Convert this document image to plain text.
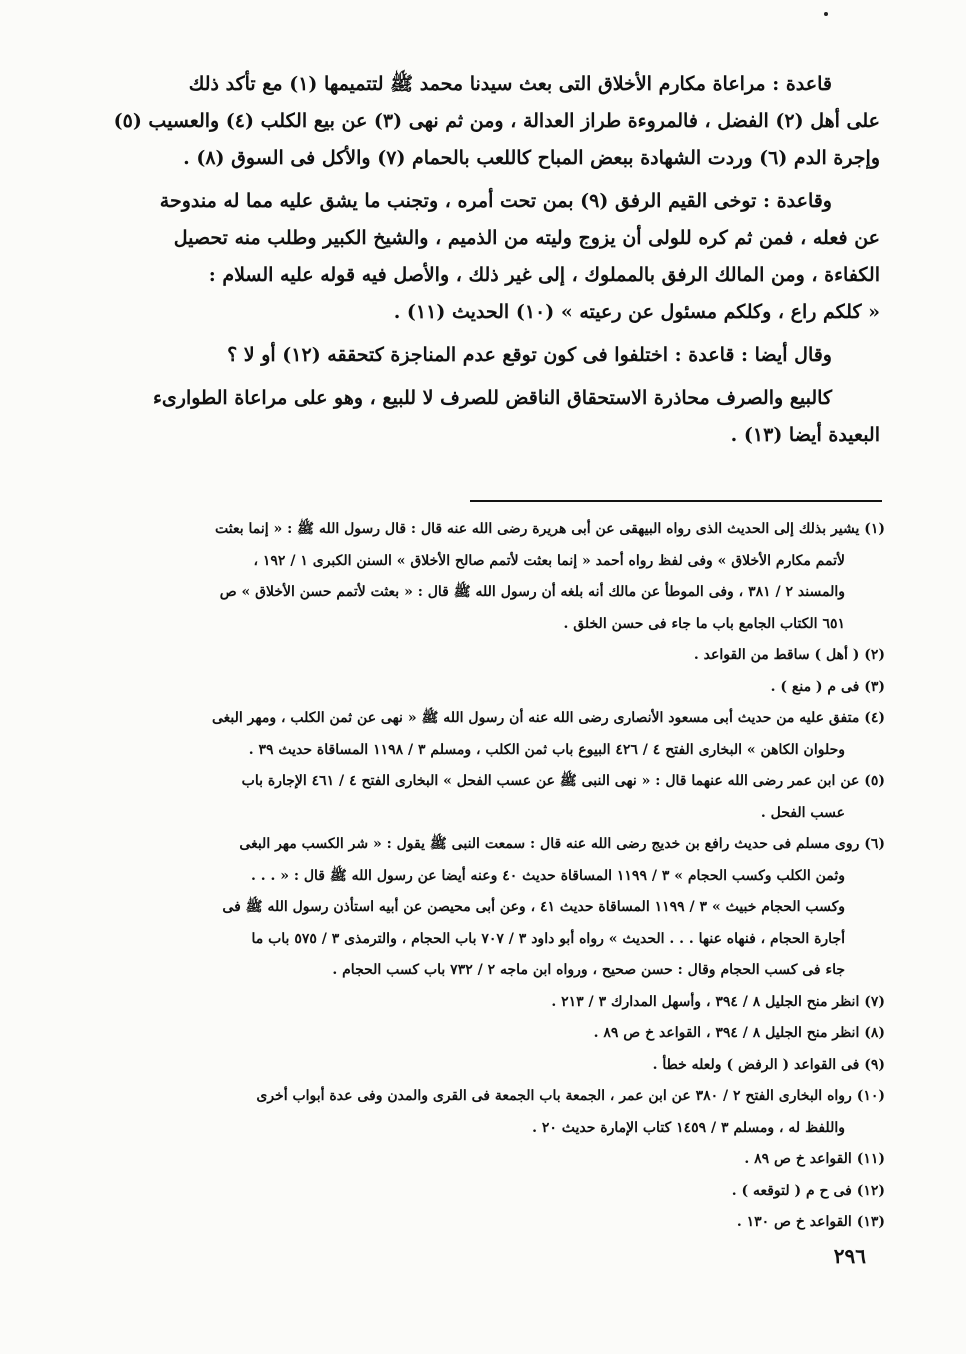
قاعدة : مراعاة مكارم الأخلاق التى بعث سيدنا محمد ﷺ لتتميمها (١) مع تأكد ذلك
على أهل (٢) الفضل ، فالمروءة طراز العدالة ، ومن ثم نهى (٣) عن بيع الكلب (٤) والعسيب (٥)
وإجرة الدم (٦) وردت الشهادة ببعض المباح كاللعب بالحمام (٧) والأكل فى السوق (٨) .

وقاعدة : توخى القيم الرفق (٩) بمن تحت أمره ، وتجنب ما يشق عليه مما له مندوحة
عن فعله ، فمن ثم كره للولى أن يزوج وليته من الذميم ، والشيخ الكبير وطلب منه تحصيل
الكفاءة ، ومن المالك الرفق بالمملوك ، إلى غير ذلك ، والأصل فيه قوله عليه السلام :
« كلكم راع ، وكلكم مسئول عن رعيته » (١٠) الحديث (١١) .

وقال أيضا : قاعدة : اختلفوا فى كون توقع عدم المناجزة كتحققه (١٢) أو لا ؟

كالبيع والصرف محاذرة الاستحقاق الناقض للصرف لا للبيع ، وهو على مراعاة الطوارىء
البعيدة أيضا (١٣) .

(١) يشير بذلك إلى الحديث الذى رواه البيهقى عن أبى هريرة رضى الله عنه قال : قال رسول الله ﷺ : « إنما بعثت
لأتمم مكارم الأخلاق » وفى لفظ رواه أحمد « إنما بعثت لأتمم صالح الأخلاق » السنن الكبرى ١ / ١٩٢ ،
والمسند ٢ / ٣٨١ ، وفى الموطأ عن مالك أنه بلغه أن رسول الله ﷺ قال : « بعثت لأتمم حسن الأخلاق » ص
٦٥١ الكتاب الجامع باب ما جاء فى حسن الخلق .
(٢) ( أهل ) ساقط من القواعد .
(٣) فى م ( منع ) .
(٤) متفق عليه من حديث أبى مسعود الأنصارى رضى الله عنه أن رسول الله ﷺ « نهى عن ثمن الكلب ، ومهر البغى
وحلوان الكاهن » البخارى الفتح ٤ / ٤٢٦ البيوع باب ثمن الكلب ، ومسلم ٣ / ١١٩٨ المساقاة حديث ٣٩ .
(٥) عن ابن عمر رضى الله عنهما قال : « نهى النبى ﷺ عن عسب الفحل » البخارى الفتح ٤ / ٤٦١ الإجارة باب
عسب الفحل .
(٦) روى مسلم فى حديث رافع بن خديج رضى الله عنه قال : سمعت النبى ﷺ يقول : « شر الكسب مهر البغى
وثمن الكلب وكسب الحجام » ٣ / ١١٩٩ المساقاة حديث ٤٠ وعنه أيضا عن رسول الله ﷺ قال : « . . .
وكسب الحجام خبيث » ٣ / ١١٩٩ المساقاة حديث ٤١ ، وعن أبى محيصن عن أبيه استأذن رسول الله ﷺ فى
أجارة الحجام ، فنهاه عنها . . . الحديث » رواه أبو داود ٣ / ٧٠٧ باب الحجام ، والترمذى ٣ / ٥٧٥ باب ما
جاء فى كسب الحجام وقال : حسن صحيح ، ورواه ابن ماجه ٢ / ٧٣٢ باب كسب الحجام .
(٧) انظر منح الجليل ٨ / ٣٩٤ ، وأسهل المدارك ٣ / ٢١٣ .
(٨) انظر منح الجليل ٨ / ٣٩٤ ، القواعد خ ص ٨٩ .
(٩) فى القواعد ( الرفض ) ولعله خطأ .
(١٠) رواه البخارى الفتح ٢ / ٣٨٠ عن ابن عمر ، الجمعة باب الجمعة فى القرى والمدن وفى عدة أبواب أخرى
واللفظ له ، ومسلم ٣ / ١٤٥٩ كتاب الإمارة حديث ٢٠ .
(١١) القواعد خ ص ٨٩ .
(١٢) فى ح م ( لتوقعه ) .
(١٣) القواعد خ ص ١٣٠ .
٢٩٦
